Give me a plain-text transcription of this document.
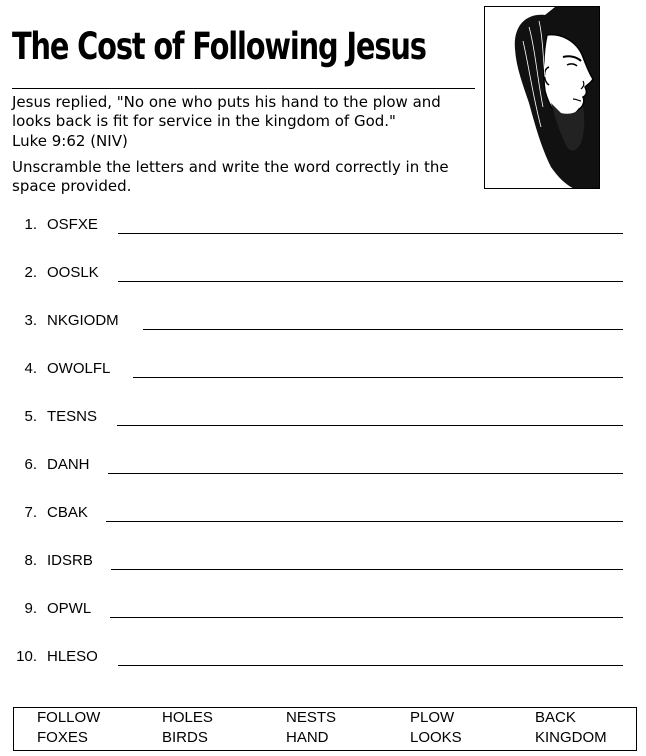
The Cost of Following Jesus
Jesus replied, "No one who puts his hand to the plow and looks back is fit for service in the kingdom of God."
Luke 9:62 (NIV)
Unscramble the letters and write the word correctly in the space provided.
1. OSFXE
2. OOSLK
3. NKGIODM
4. OWOLFL
5. TESNS
6. DANH
7. CBAK
8. IDSRB
9. OPWL
10. HLESO
FOLLOW
FOXES
HOLES
BIRDS
NESTS
HAND
PLOW
LOOKS
BACK
KINGDOM
